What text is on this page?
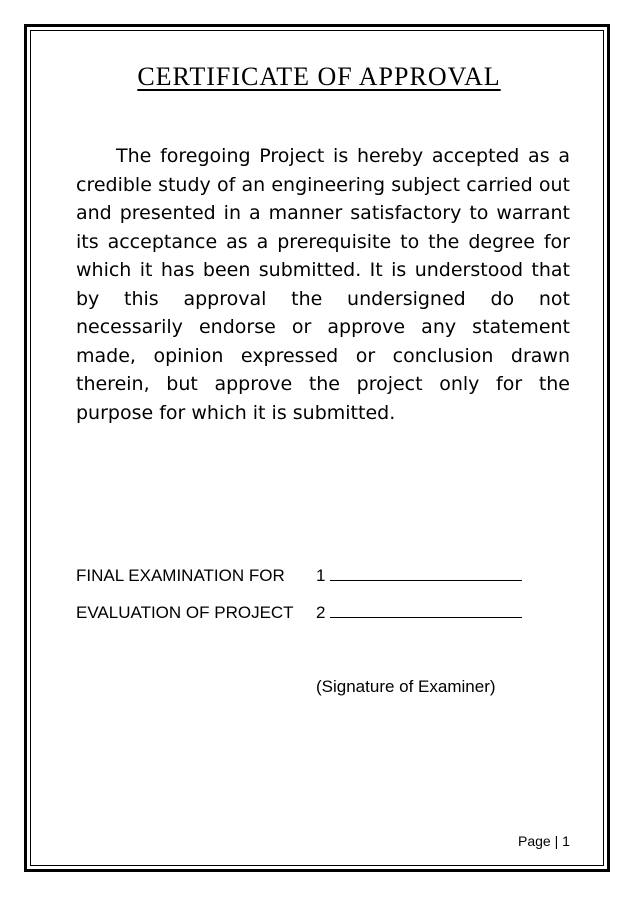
CERTIFICATE OF APPROVAL

The foregoing Project is hereby accepted as a credible study of an engineering subject carried out and presented in a manner satisfactory to warrant its acceptance as a prerequisite to the degree for which it has been submitted. It is understood that by this approval the undersigned do not necessarily endorse or approve any statement made, opinion expressed or conclusion drawn therein, but approve the project only for the purpose for which it is submitted.

FINAL EXAMINATION FOR	1
EVALUATION OF PROJECT	2
(Signature of Examiner)
Page | 1
